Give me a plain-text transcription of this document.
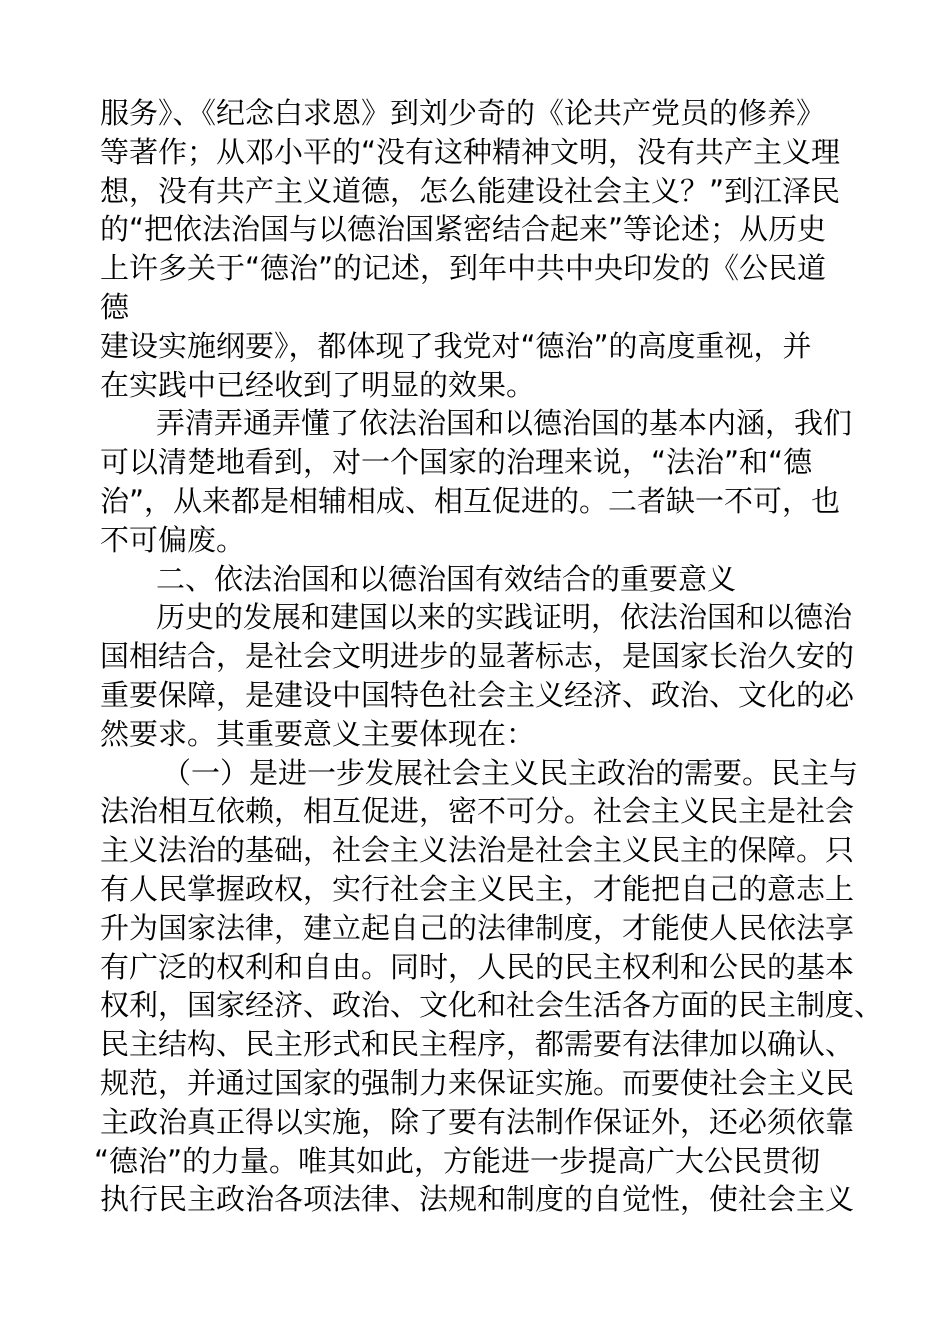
服务》、《纪念白求恩》到刘少奇的《论共产党员的修养》
等著作；从邓小平的“没有这种精神文明，没有共产主义理
想，没有共产主义道德，怎么能建设社会主义？”到江泽民
的“把依法治国与以德治国紧密结合起来”等论述；从历史
上许多关于“德治”的记述，到年中共中央印发的《公民道
德
建设实施纲要》，都体现了我党对“德治”的高度重视，并
在实践中已经收到了明显的效果。
弄清弄通弄懂了依法治国和以德治国的基本内涵，我们
可以清楚地看到，对一个国家的治理来说，“法治”和“德
治”，从来都是相辅相成、相互促进的。二者缺一不可，也
不可偏废。
二、依法治国和以德治国有效结合的重要意义
历史的发展和建国以来的实践证明，依法治国和以德治
国相结合，是社会文明进步的显著标志，是国家长治久安的
重要保障，是建设中国特色社会主义经济、政治、文化的必
然要求。其重要意义主要体现在：
（一）是进一步发展社会主义民主政治的需要。民主与
法治相互依赖，相互促进，密不可分。社会主义民主是社会
主义法治的基础，社会主义法治是社会主义民主的保障。只
有人民掌握政权，实行社会主义民主，才能把自己的意志上
升为国家法律，建立起自己的法律制度，才能使人民依法享
有广泛的权利和自由。同时，人民的民主权利和公民的基本
权利，国家经济、政治、文化和社会生活各方面的民主制度、
民主结构、民主形式和民主程序，都需要有法律加以确认、
规范，并通过国家的强制力来保证实施。而要使社会主义民
主政治真正得以实施，除了要有法制作保证外，还必须依靠
“德治”的力量。唯其如此，方能进一步提高广大公民贯彻
执行民主政治各项法律、法规和制度的自觉性，使社会主义
